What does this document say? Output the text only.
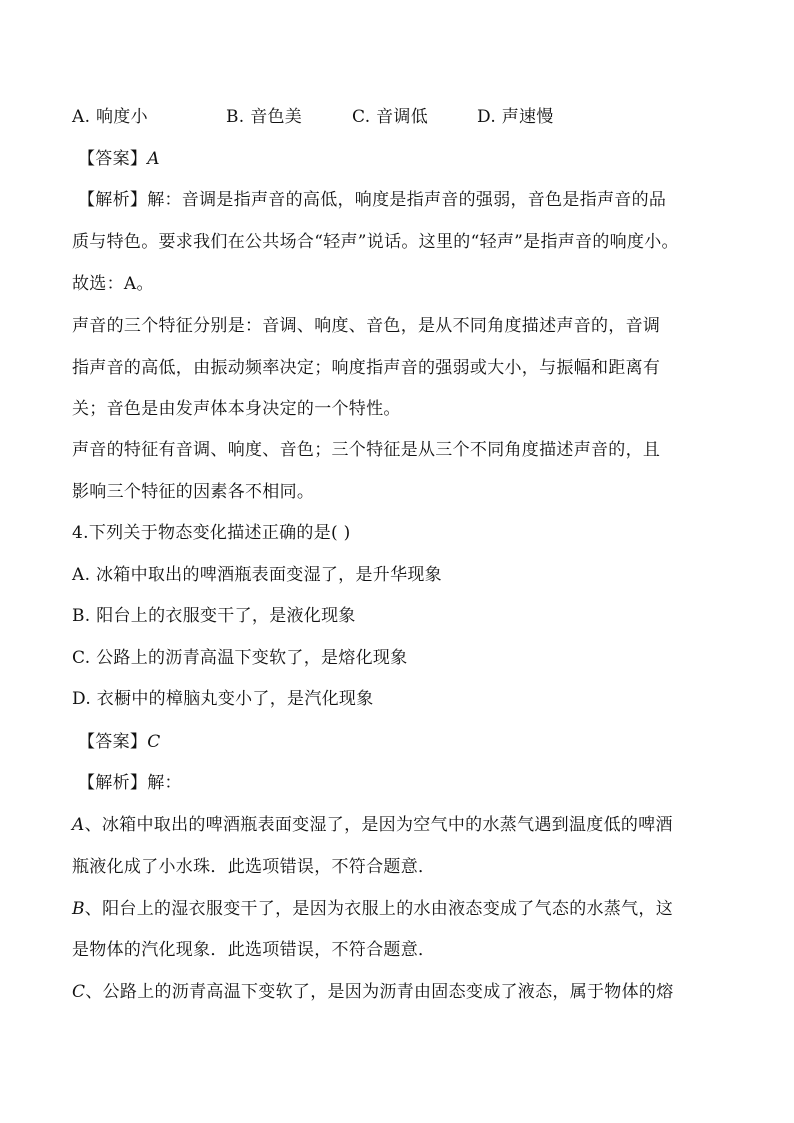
A. 响度小	B. 音色美	C. 音调低	D. 声速慢
【答案】A
【解析】解：音调是指声音的高低，响度是指声音的强弱，音色是指声音的品
质与特色。要求我们在公共场合“轻声”说话。这里的“轻声”是指声音的响度小。
故选：A。
声音的三个特征分别是：音调、响度、音色，是从不同角度描述声音的，音调
指声音的高低，由振动频率决定；响度指声音的强弱或大小，与振幅和距离有
关；音色是由发声体本身决定的一个特性。
声音的特征有音调、响度、音色；三个特征是从三个不同角度描述声音的，且
影响三个特征的因素各不相同。
4.下列关于物态变化描述正确的是( )
A. 冰箱中取出的啤酒瓶表面变湿了，是升华现象
B. 阳台上的衣服变干了，是液化现象
C. 公路上的沥青高温下变软了，是熔化现象
D. 衣橱中的樟脑丸变小了，是汽化现象
【答案】C
【解析】解：
A、冰箱中取出的啤酒瓶表面变湿了，是因为空气中的水蒸气遇到温度低的啤酒
瓶液化成了小水珠．此选项错误，不符合题意．
B、阳台上的湿衣服变干了，是因为衣服上的水由液态变成了气态的水蒸气，这
是物体的汽化现象．此选项错误，不符合题意．
C、公路上的沥青高温下变软了，是因为沥青由固态变成了液态，属于物体的熔
